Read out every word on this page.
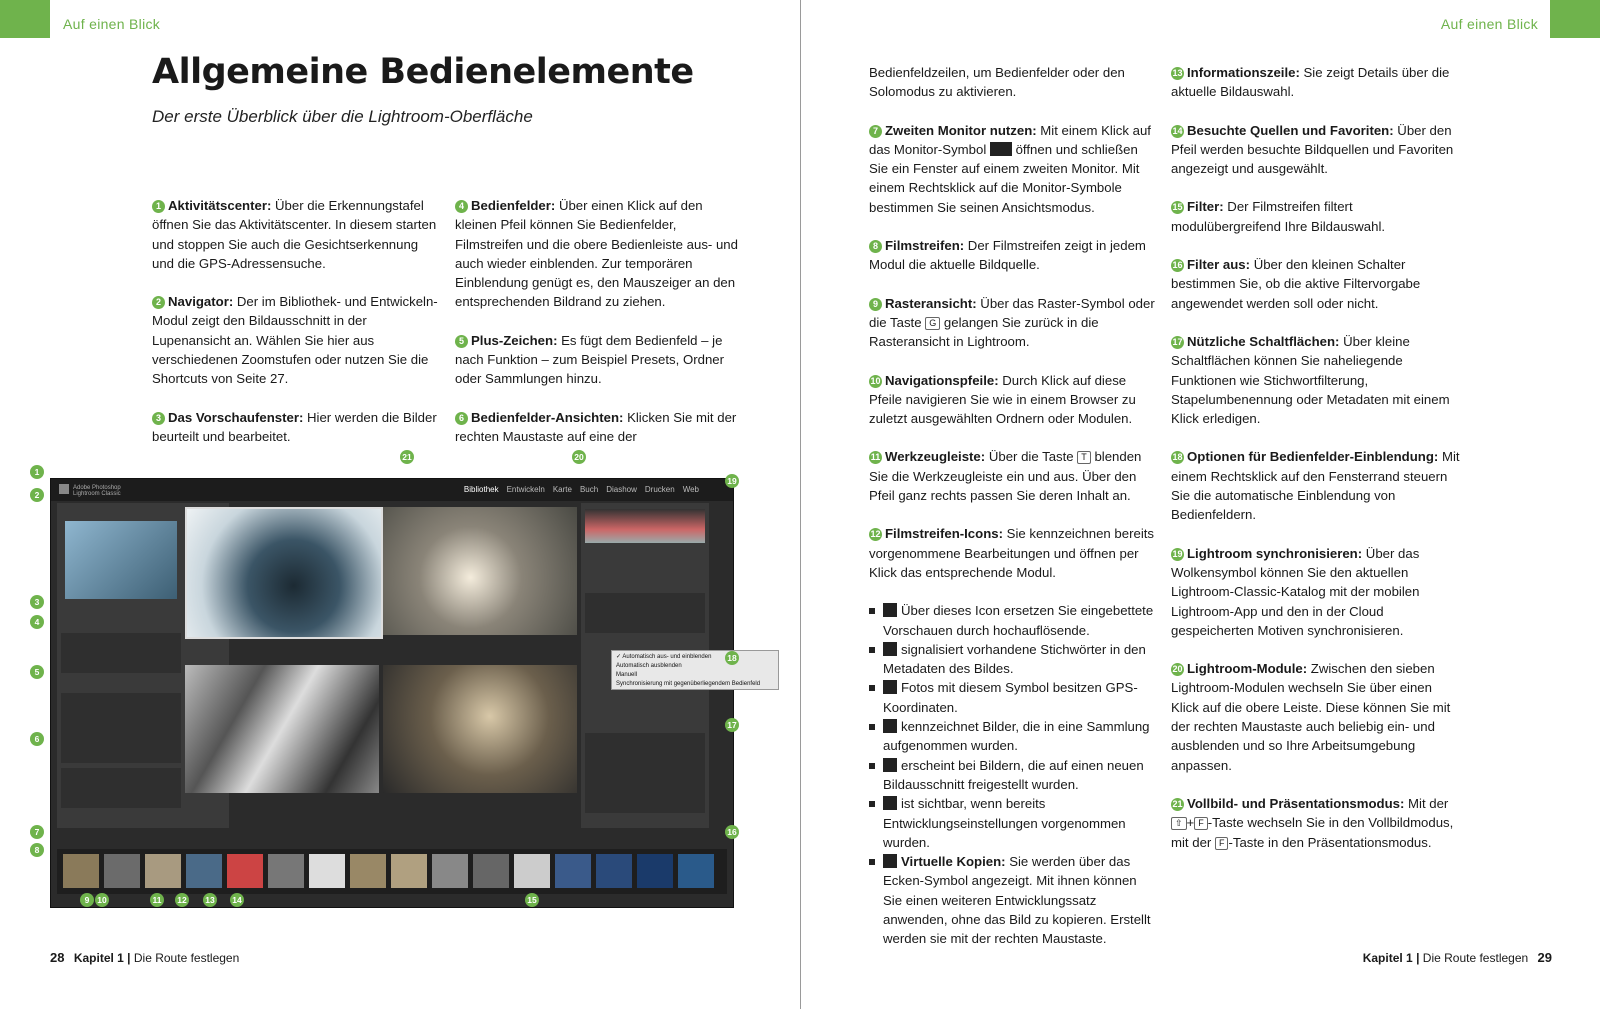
Auf einen Blick
Allgemeine Bedienelemente
Der erste Überblick über die Lightroom-Oberfläche
1 Aktivitätscenter: Über die Erkennungstafel öffnen Sie das Aktivitätscenter. In diesem starten und stoppen Sie auch die Gesichtserkennung und die GPS-Adressensuche.
2 Navigator: Der im Bibliothek- und Entwickeln-Modul zeigt den Bildausschnitt in der Lupenansicht an. Wählen Sie hier aus verschiedenen Zoomstufen oder nutzen Sie die Shortcuts von Seite 27.
3 Das Vorschaufenster: Hier werden die Bilder beurteilt und bearbeitet.
4 Bedienfelder: Über einen Klick auf den kleinen Pfeil können Sie Bedienfelder, Filmstreifen und die obere Bedienleiste aus- und auch wieder einblenden. Zur temporären Einblendung genügt es, den Mauszeiger an den entsprechenden Bildrand zu ziehen.
5 Plus-Zeichen: Es fügt dem Bedienfeld – je nach Funktion – zum Beispiel Presets, Ordner oder Sammlungen hinzu.
6 Bedienfelder-Ansichten: Klicken Sie mit der rechten Maustaste auf eine der
Adobe Photoshop Lightroom Classic	Bibliothek Entwickeln Karte Buch Diashow Drucken Web
✓ Automatisch aus- und einblenden
Automatisch ausblenden
Manuell
Synchronisierung mit gegenüberliegendem Bedienfeld
1
2
3
4
5
6
7
8
9 10	11 12 13 14	15
16
17
18
19
20
21
28 Kapitel 1 | Die Route festlegen
Auf einen Blick
Bedienfeldzeilen, um Bedienfelder oder den Solomodus zu aktivieren.
7 Zweiten Monitor nutzen: Mit einem Klick auf das Monitor-Symbol  öffnen und schließen Sie ein Fenster auf einem zweiten Monitor. Mit einem Rechtsklick auf die Monitor-Symbole bestimmen Sie seinen Ansichtsmodus.
8 Filmstreifen: Der Filmstreifen zeigt in jedem Modul die aktuelle Bildquelle.
9 Rasteransicht: Über das Raster-Symbol oder die Taste G gelangen Sie zurück in die Rasteransicht in Lightroom.
10 Navigationspfeile: Durch Klick auf diese Pfeile navigieren Sie wie in einem Browser zu zuletzt ausgewählten Ordnern oder Modulen.
11 Werkzeugleiste: Über die Taste T blenden Sie die Werkzeugleiste ein und aus. Über den Pfeil ganz rechts passen Sie deren Inhalt an.
12 Filmstreifen-Icons: Sie kennzeichnen bereits vorgenommene Bearbeitungen und öffnen per Klick das entsprechende Modul.
Über dieses Icon ersetzen Sie eingebettete Vorschauen durch hochauflösende.
signalisiert vorhandene Stichwörter in den Metadaten des Bildes.
Fotos mit diesem Symbol besitzen GPS-Koordinaten.
kennzeichnet Bilder, die in eine Sammlung aufgenommen wurden.
erscheint bei Bildern, die auf einen neuen Bildausschnitt freigestellt wurden.
ist sichtbar, wenn bereits Entwicklungseinstellungen vorgenommen wurden.
Virtuelle Kopien: Sie werden über das Ecken-Symbol angezeigt. Mit ihnen können Sie einen weiteren Entwicklungssatz anwenden, ohne das Bild zu kopieren. Erstellt werden sie mit der rechten Maustaste.
13 Informationszeile: Sie zeigt Details über die aktuelle Bildauswahl.
14 Besuchte Quellen und Favoriten: Über den Pfeil werden besuchte Bildquellen und Favoriten angezeigt und ausgewählt.
15 Filter: Der Filmstreifen filtert modulübergreifend Ihre Bildauswahl.
16 Filter aus: Über den kleinen Schalter bestimmen Sie, ob die aktive Filtervorgabe angewendet werden soll oder nicht.
17 Nützliche Schaltflächen: Über kleine Schaltflächen können Sie naheliegende Funktionen wie Stichwortfilterung, Stapelumbenennung oder Metadaten mit einem Klick erledigen.
18 Optionen für Bedienfelder-Einblendung: Mit einem Rechtsklick auf den Fensterrand steuern Sie die automatische Einblendung von Bedienfeldern.
19 Lightroom synchronisieren: Über das Wolkensymbol können Sie den aktuellen Lightroom-Classic-Katalog mit der mobilen Lightroom-App und den in der Cloud gespeicherten Motiven synchronisieren.
20 Lightroom-Module: Zwischen den sieben Lightroom-Modulen wechseln Sie über einen Klick auf die obere Leiste. Diese können Sie mit der rechten Maustaste auch beliebig ein- und ausblenden und so Ihre Arbeitsumgebung anpassen.
21 Vollbild- und Präsentationsmodus: Mit der ⇧ + F -Taste wechseln Sie in den Vollbildmodus, mit der F -Taste in den Präsentationsmodus.
Kapitel 1 | Die Route festlegen 29
